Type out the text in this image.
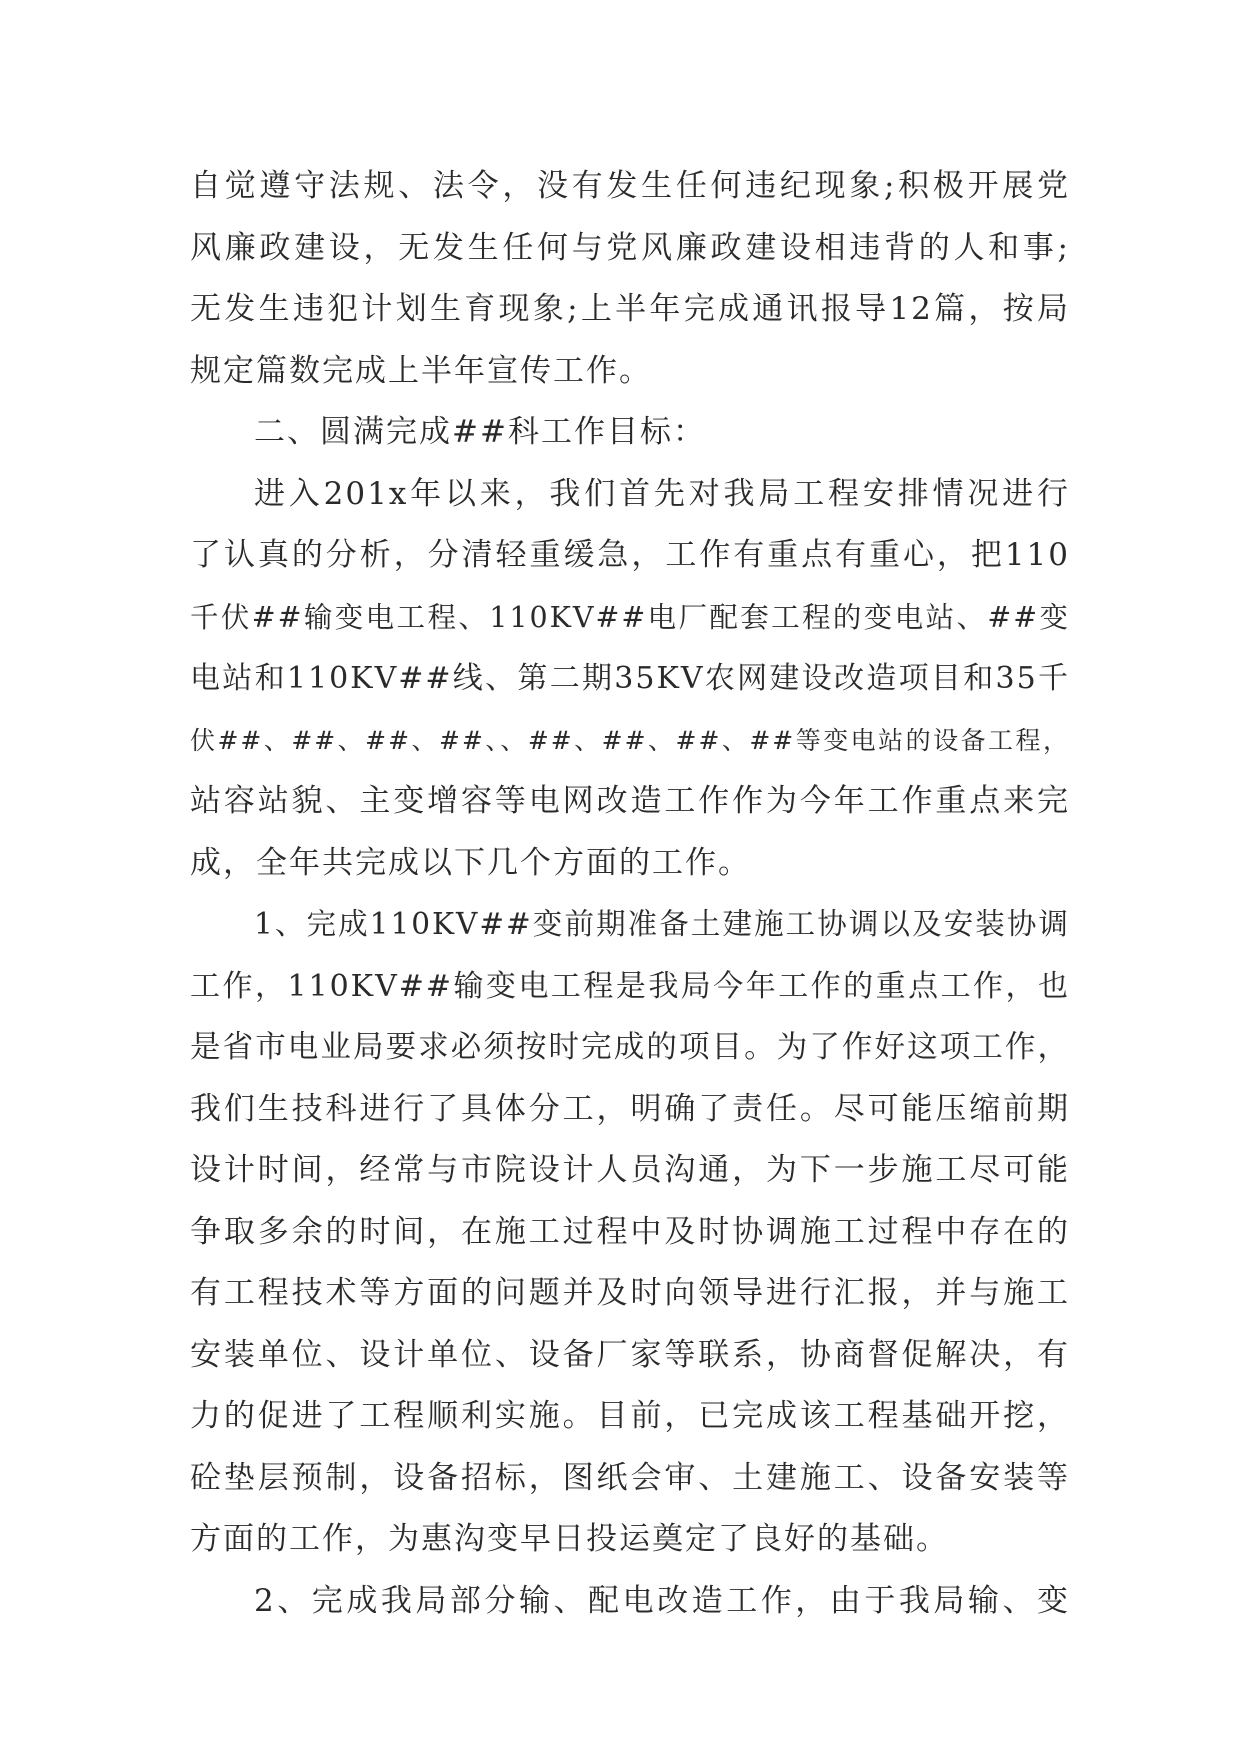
自觉遵守法规、法令，没有发生任何违纪现象;积极开展党
风廉政建设，无发生任何与党风廉政建设相违背的人和事;
无发生违犯计划生育现象;上半年完成通讯报导12篇，按局
规定篇数完成上半年宣传工作。
二、圆满完成##科工作目标：
进入201x年以来，我们首先对我局工程安排情况进行
了认真的分析，分清轻重缓急，工作有重点有重心，把110
千伏##输变电工程、110KV##电厂配套工程的变电站、##变
电站和110KV##线、第二期35KV农网建设改造项目和35千
伏##、##、##、##、、##、##、##、##等变电站的设备工程，
站容站貌、主变增容等电网改造工作作为今年工作重点来完
成，全年共完成以下几个方面的工作。
1、完成110KV##变前期准备土建施工协调以及安装协调
工作，110KV##输变电工程是我局今年工作的重点工作，也
是省市电业局要求必须按时完成的项目。为了作好这项工作，
我们生技科进行了具体分工，明确了责任。尽可能压缩前期
设计时间，经常与市院设计人员沟通，为下一步施工尽可能
争取多余的时间，在施工过程中及时协调施工过程中存在的
有工程技术等方面的问题并及时向领导进行汇报，并与施工
安装单位、设计单位、设备厂家等联系，协商督促解决，有
力的促进了工程顺利实施。目前，已完成该工程基础开挖，
砼垫层预制，设备招标，图纸会审、土建施工、设备安装等
方面的工作，为惠沟变早日投运奠定了良好的基础。
2、完成我局部分输、配电改造工作，由于我局输、变
